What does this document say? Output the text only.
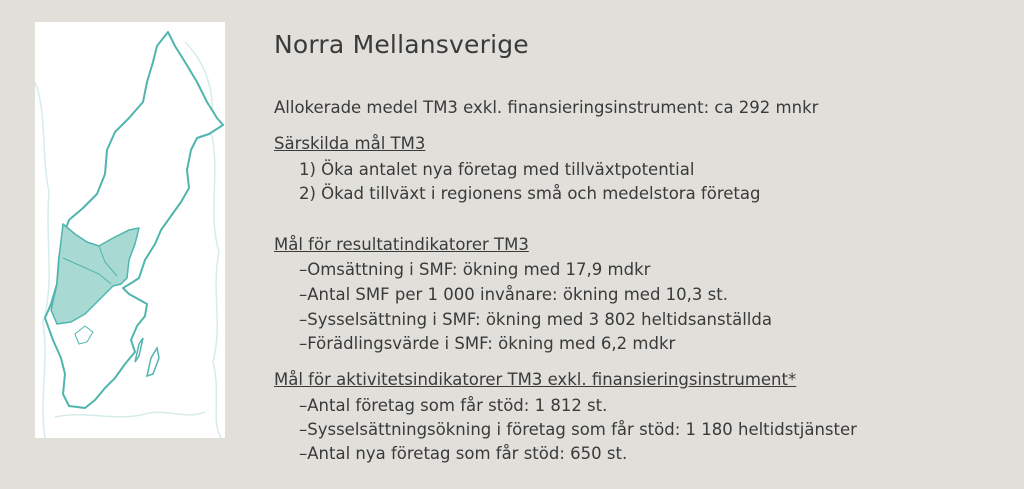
Norra Mellansverige
Allokerade medel TM3 exkl. finansieringsinstrument: ca 292 mnkr
Särskilda mål TM3
1) Öka antalet nya företag med tillväxtpotential
2) Ökad tillväxt i regionens små och medelstora företag
Mål för resultatindikatorer TM3
–Omsättning i SMF: ökning med 17,9 mdkr
–Antal SMF per 1 000 invånare: ökning med 10,3 st.
–Sysselsättning i SMF: ökning med 3 802 heltidsanställda
–Förädlingsvärde i SMF: ökning med 6,2 mdkr
Mål för aktivitetsindikatorer TM3 exkl. finansieringsinstrument*
–Antal företag som får stöd: 1 812 st.
–Sysselsättningsökning i företag som får stöd: 1 180 heltidstjänster
–Antal nya företag som får stöd: 650 st.
